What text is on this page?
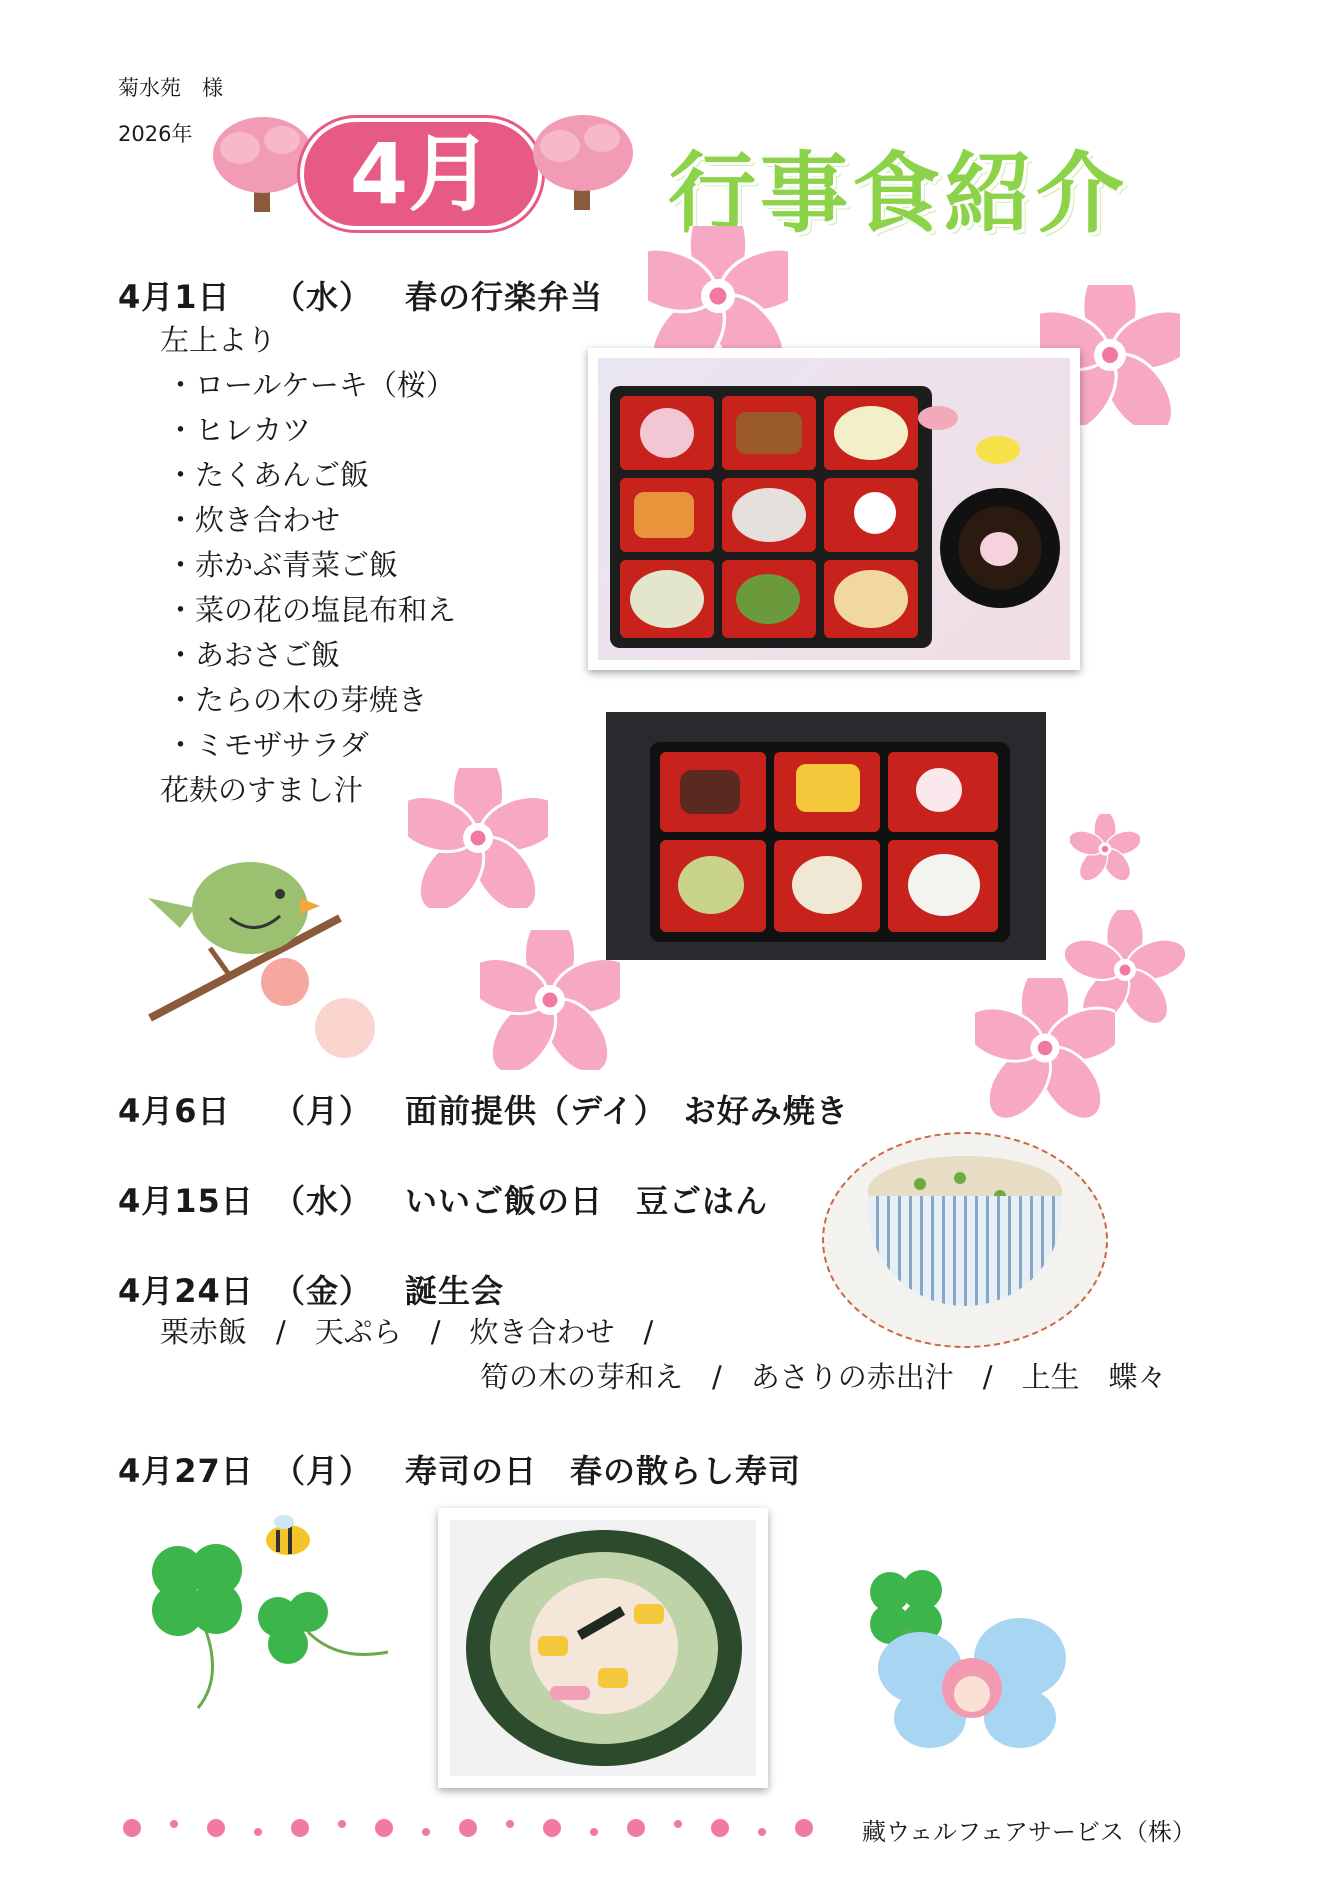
菊水苑　様
2026年	4月	行事食紹介
4月1日 （水） 春の行楽弁当
左上より
・ロールケーキ（桜）
・ヒレカツ
・たくあんご飯
・炊き合わせ
・赤かぶ青菜ご飯
・菜の花の塩昆布和え
・あおさご飯
・たらの木の芽焼き
・ミモザサラダ
花麸のすまし汁
4月6日 （月） 面前提供（デイ）　お好み焼き
4月15日 （水） いいご飯の日　豆ごはん
4月24日 （金） 誕生会
栗赤飯　/　天ぷら　/　炊き合わせ　/
筍の木の芽和え　/　あさりの赤出汁　/　上生　蝶々
4月27日 （月） 寿司の日　春の散らし寿司
藏ウェルフェアサービス（株）
